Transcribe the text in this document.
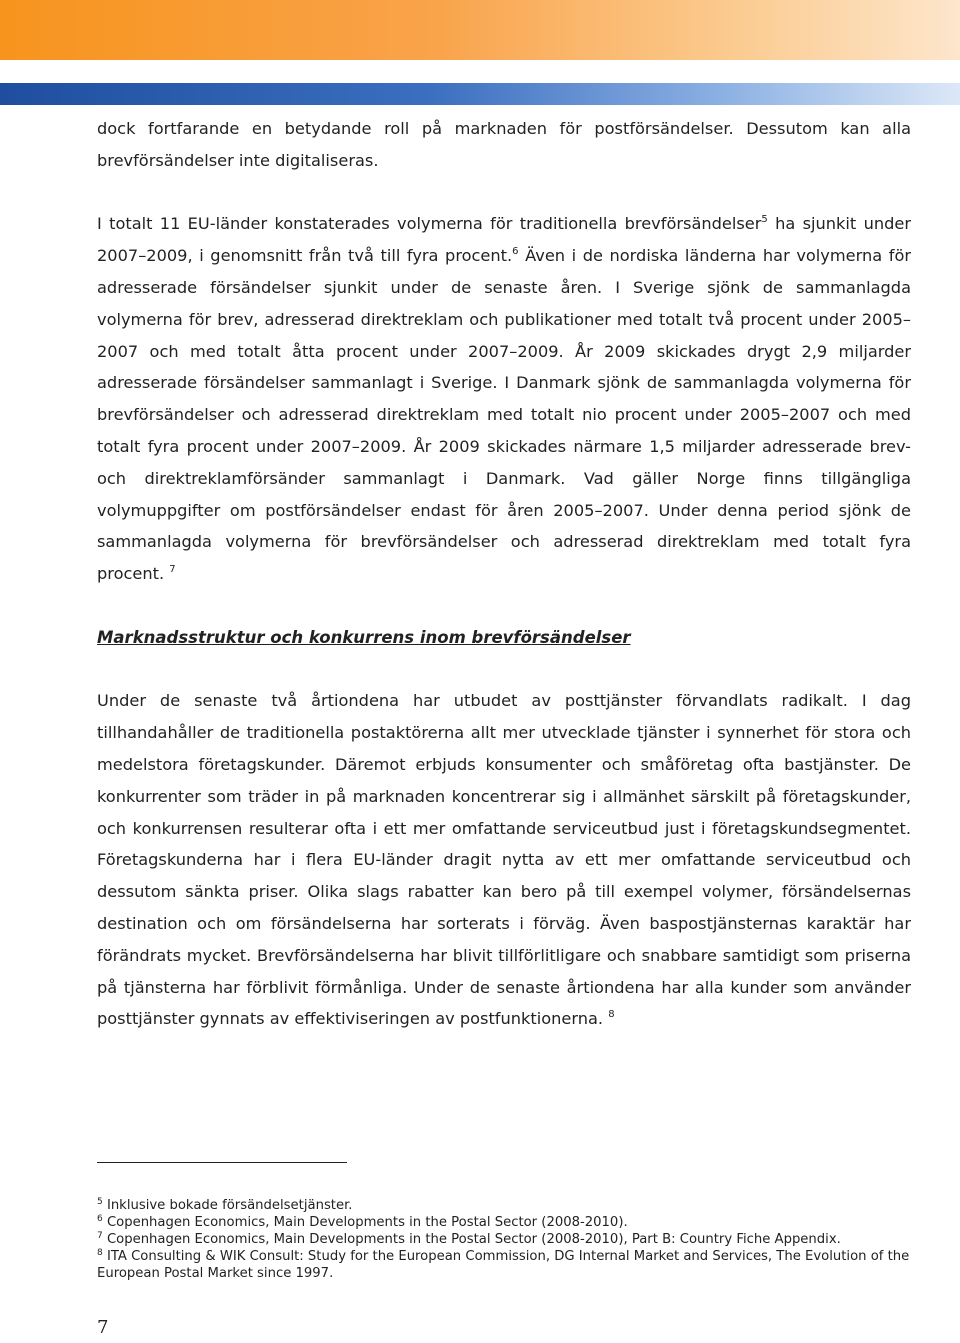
dock fortfarande en betydande roll på marknaden för postförsändelser. Dessutom kan alla brevförsändelser inte digitaliseras.

I totalt 11 EU-länder konstaterades volymerna för traditionella brevförsändelser$^5$ ha sjunkit under 2007–2009, i genomsnitt från två till fyra procent.$^6$ Även i de nordiska länderna har volymerna för adresserade försändelser sjunkit under de senaste åren. I Sverige sjönk de sammanlagda volymerna för brev, adresserad direktreklam och publikationer med totalt två procent under 2005–2007 och med totalt åtta procent under 2007–2009. År 2009 skickades drygt 2,9 miljarder adresserade försändelser sammanlagt i Sverige. I Danmark sjönk de sammanlagda volymerna för brevförsändelser och adresserad direktreklam med totalt nio procent under 2005–2007 och med totalt fyra procent under 2007–2009. År 2009 skickades närmare 1,5 miljarder adresserade brev- och direktreklamförsänder sammanlagt i Danmark. Vad gäller Norge finns tillgängliga volymuppgifter om postförsändelser endast för åren 2005–2007. Under denna period sjönk de sammanlagda volymerna för brevförsändelser och adresserad direktreklam med totalt fyra procent. $^7$

Marknadsstruktur och konkurrens inom brevförsändelser

Under de senaste två årtiondena har utbudet av posttjänster förvandlats radikalt. I dag tillhandahåller de traditionella postaktörerna allt mer utvecklade tjänster i synnerhet för stora och medelstora företagskunder. Däremot erbjuds konsumenter och småföretag ofta bastjänster. De konkurrenter som träder in på marknaden koncentrerar sig i allmänhet särskilt på företagskunder, och konkurrensen resulterar ofta i ett mer omfattande serviceutbud just i företagskundsegmentet. Företagskunderna har i flera EU-länder dragit nytta av ett mer omfattande serviceutbud och dessutom sänkta priser. Olika slags rabatter kan bero på till exempel volymer, försändelsernas destination och om försändelserna har sorterats i förväg. Även baspostjänsternas karaktär har förändrats mycket. Brevförsändelserna har blivit tillförlitligare och snabbare samtidigt som priserna på tjänsterna har förblivit förmånliga. Under de senaste årtiondena har alla kunder som använder posttjänster gynnats av effektiviseringen av postfunktionerna. $^8$

$^5$ Inklusive bokade försändelsetjänster.
$^6$ Copenhagen Economics, Main Developments in the Postal Sector (2008-2010).
$^7$ Copenhagen Economics, Main Developments in the Postal Sector (2008-2010), Part B: Country Fiche Appendix.
$^8$ ITA Consulting & WIK Consult: Study for the European Commission, DG Internal Market and Services, The Evolution of the European Postal Market since 1997.
7
